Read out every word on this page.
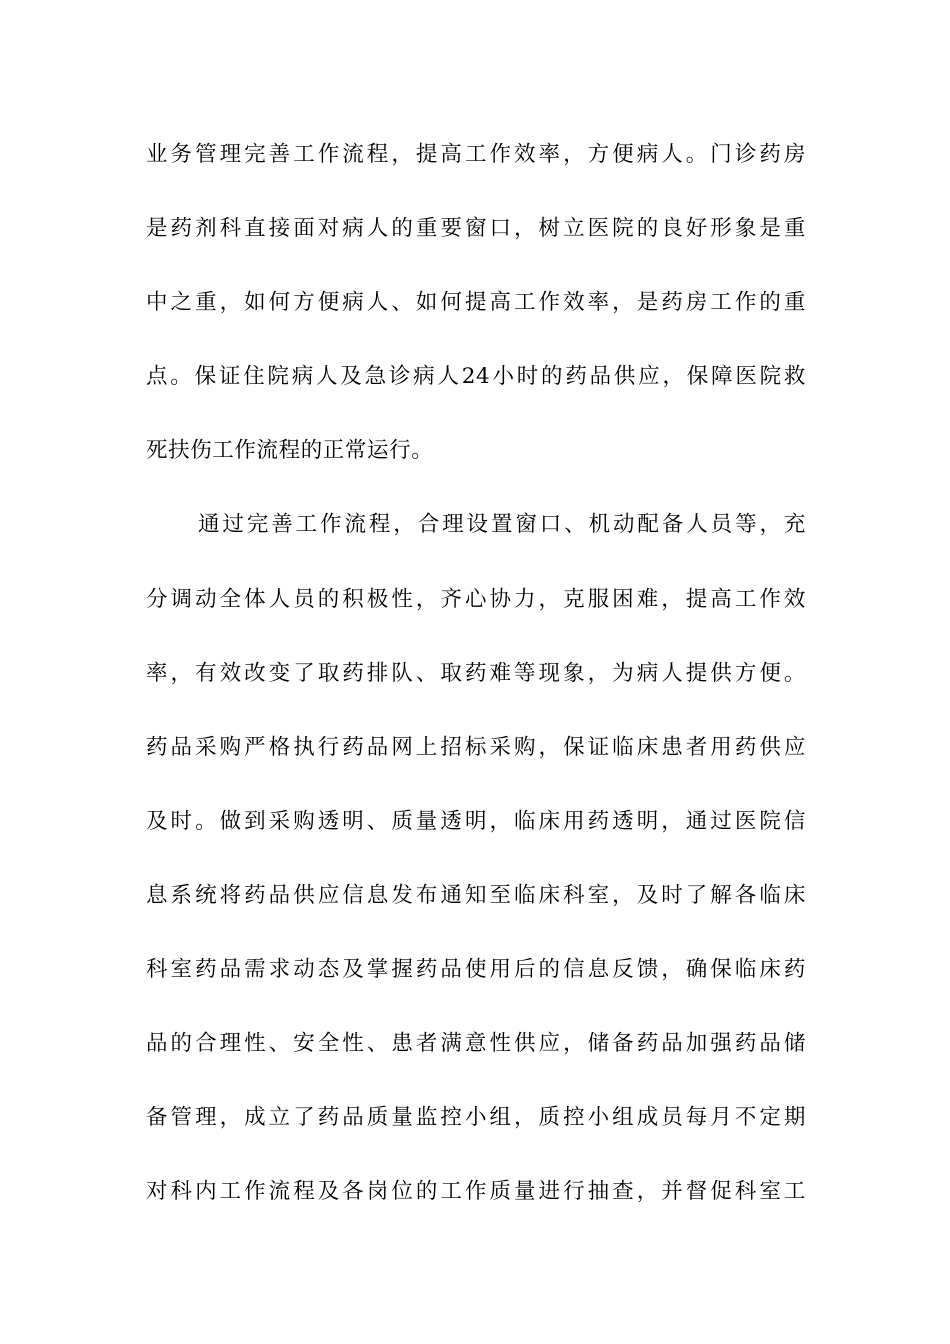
业务管理完善工作流程，提高工作效率，方便病人。门诊药房
是药剂科直接面对病人的重要窗口，树立医院的良好形象是重
中之重，如何方便病人、如何提高工作效率，是药房工作的重
点。保证住院病人及急诊病人24小时的药品供应，保障医院救
死扶伤工作流程的正常运行。
通过完善工作流程，合理设置窗口、机动配备人员等，充
分调动全体人员的积极性，齐心协力，克服困难，提高工作效
率，有效改变了取药排队、取药难等现象，为病人提供方便。
药品采购严格执行药品网上招标采购，保证临床患者用药供应
及时。做到采购透明、质量透明，临床用药透明，通过医院信
息系统将药品供应信息发布通知至临床科室，及时了解各临床
科室药品需求动态及掌握药品使用后的信息反馈，确保临床药
品的合理性、安全性、患者满意性供应，储备药品加强药品储
备管理，成立了药品质量监控小组，质控小组成员每月不定期
对科内工作流程及各岗位的工作质量进行抽查，并督促科室工
